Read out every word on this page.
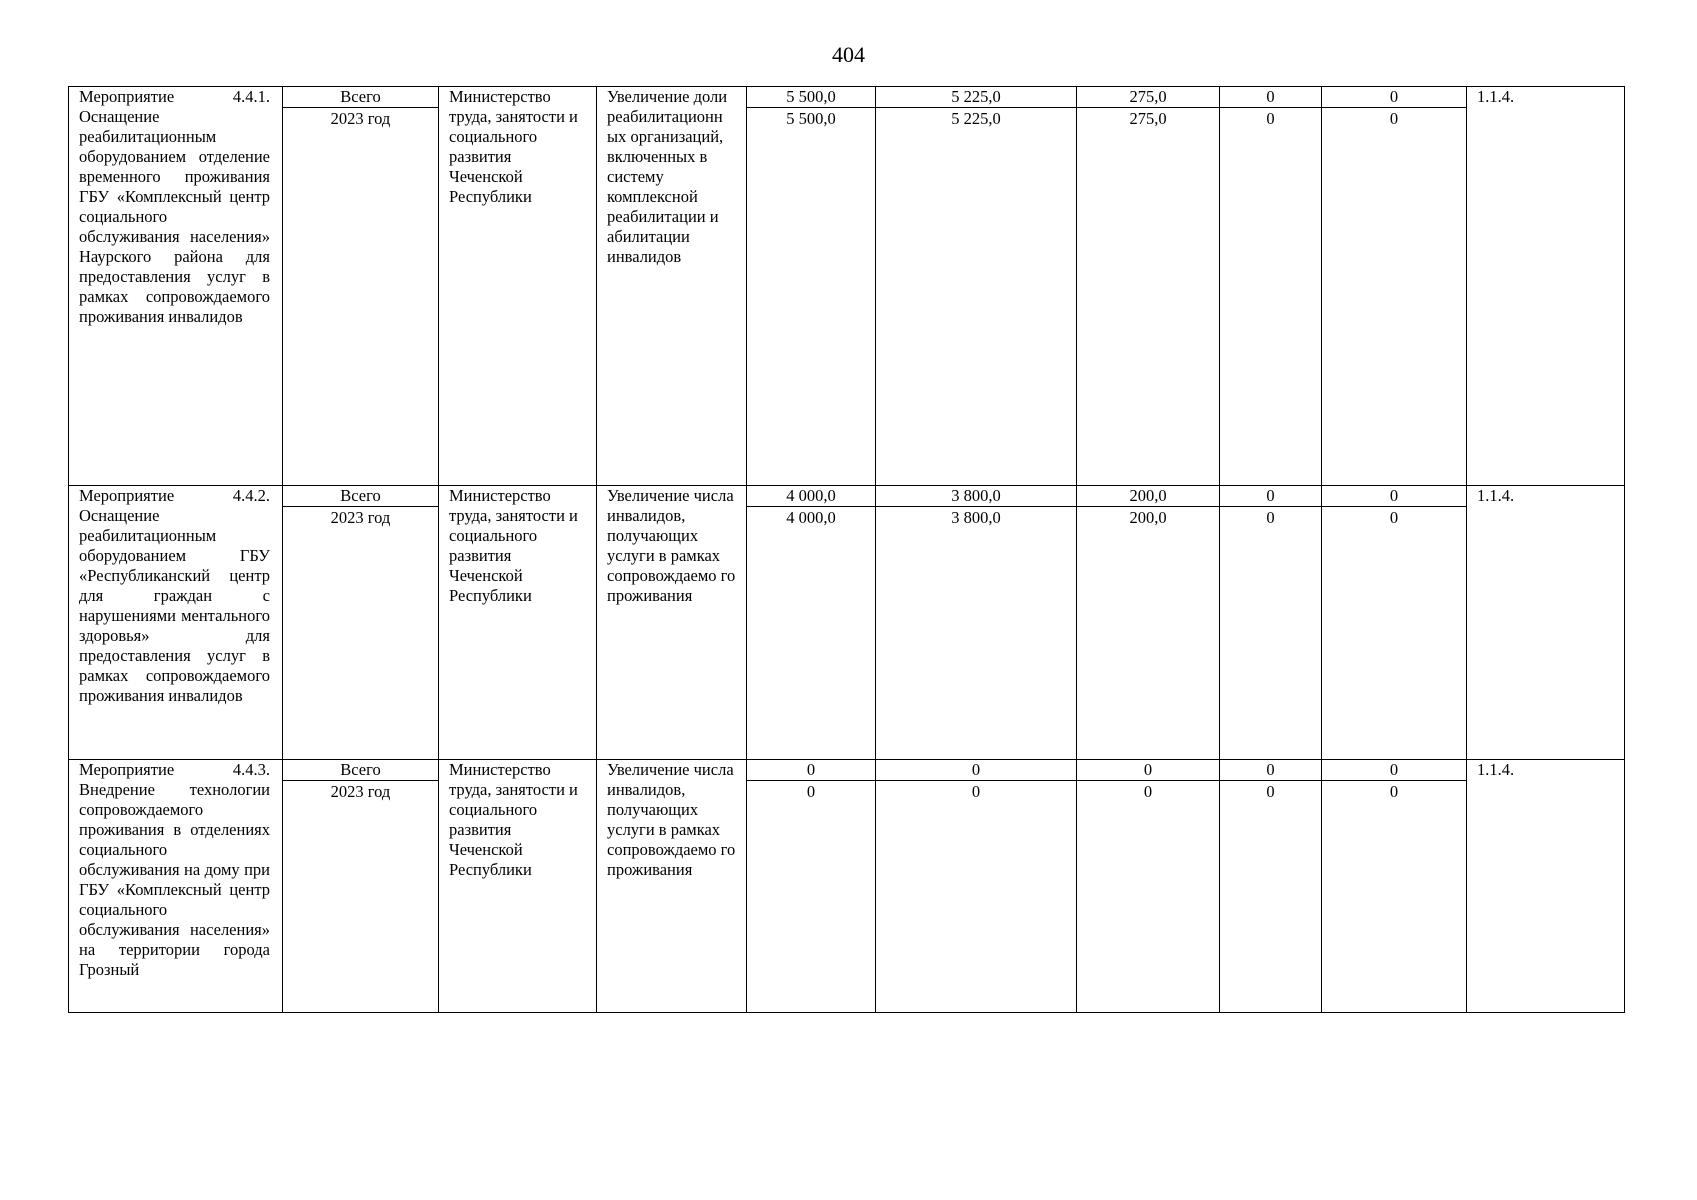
404
Мероприятие 4.4.1. Оснащение реабилитационным оборудованием отделение временного проживания ГБУ «Комплексный центр социального обслуживания населения» Наурского района для предоставления услуг в рамках сопровождаемого проживания инвалидов	Всего	Министерство труда, занятости и социального развития Чеченской Республики	Увеличение доли реабилитационн ых организаций, включенных в систему комплексной реабилитации и абилитации инвалидов	5 500,0	5 225,0	275,0	0	0	1.1.4.
	2023 год			5 500,0	5 225,0	275,0	0	0	
Мероприятие 4.4.2. Оснащение реабилитационным оборудованием ГБУ «Республиканский центр для граждан с нарушениями ментального здоровья» для предоставления услуг в рамках сопровождаемого проживания инвалидов	Всего	Министерство труда, занятости и социального развития Чеченской Республики	Увеличение числа инвалидов, получающих услуги в рамках сопровождаемо го проживания	4 000,0	3 800,0	200,0	0	0	1.1.4.
	2023 год			4 000,0	3 800,0	200,0	0	0	
Мероприятие 4.4.3. Внедрение технологии сопровождаемого проживания в отделениях социального обслуживания на дому при ГБУ «Комплексный центр социального обслуживания населения» на территории города Грозный	Всего	Министерство труда, занятости и социального развития Чеченской Республики	Увеличение числа инвалидов, получающих услуги в рамках сопровождаемо го проживания	0	0	0	0	0	1.1.4.
	2023 год			0	0	0	0	0	
